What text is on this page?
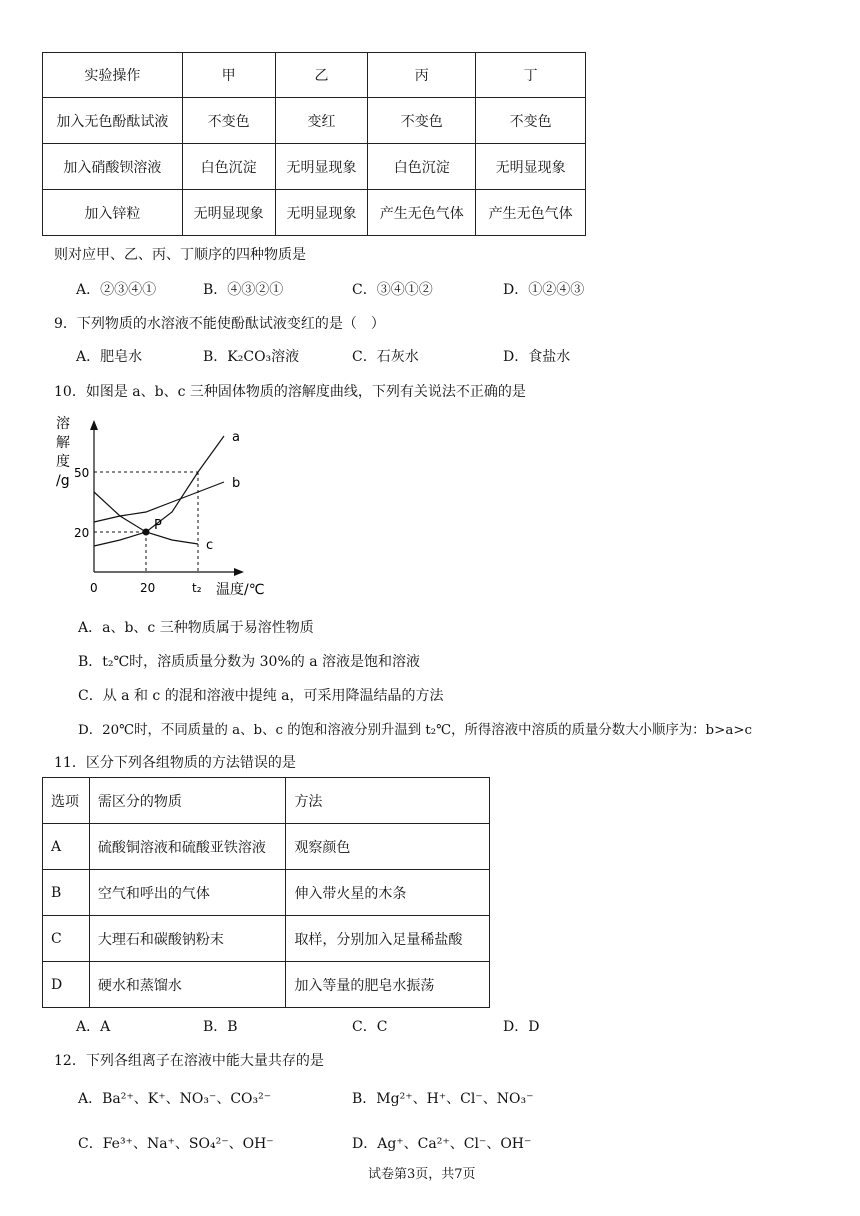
实验操作	甲	乙	丙	丁
加入无色酚酞试液	不变色	变红	不变色	不变色
加入硝酸钡溶液	白色沉淀	无明显现象	白色沉淀	无明显现象
加入锌粒	无明显现象	无明显现象	产生无色气体	产生无色气体
则对应甲、乙、丙、丁顺序的四种物质是
A．②③④①	B．④③②①	C．③④①②	D．①②④③
9．下列物质的水溶液不能使酚酞试液变红的是（　）
A．肥皂水	B．K₂CO₃溶液	C．石灰水	D．食盐水
10．如图是 a、b、c 三种固体物质的溶解度曲线，下列有关说法不正确的是
溶
解
度
/g
温度/℃
0	20	t₂
20
50
a
b
c
P
A．a、b、c 三种物质属于易溶性物质
B．t₂℃时，溶质质量分数为 30%的 a 溶液是饱和溶液
C．从 a 和 c 的混和溶液中提纯 a，可采用降温结晶的方法
D．20℃时，不同质量的 a、b、c 的饱和溶液分别升温到 t₂℃，所得溶液中溶质的质量分数大小顺序为：b>a>c
11．区分下列各组物质的方法错误的是
选项	需区分的物质	方法
A	硫酸铜溶液和硫酸亚铁溶液	观察颜色
B	空气和呼出的气体	伸入带火星的木条
C	大理石和碳酸钠粉末	取样，分别加入足量稀盐酸
D	硬水和蒸馏水	加入等量的肥皂水振荡
A．A	B．B	C．C	D．D
12．下列各组离子在溶液中能大量共存的是
A．Ba²⁺、K⁺、NO₃⁻、CO₃²⁻	B．Mg²⁺、H⁺、Cl⁻、NO₃⁻
C．Fe³⁺、Na⁺、SO₄²⁻、OH⁻	D．Ag⁺、Ca²⁺、Cl⁻、OH⁻
试卷第3页，共7页
